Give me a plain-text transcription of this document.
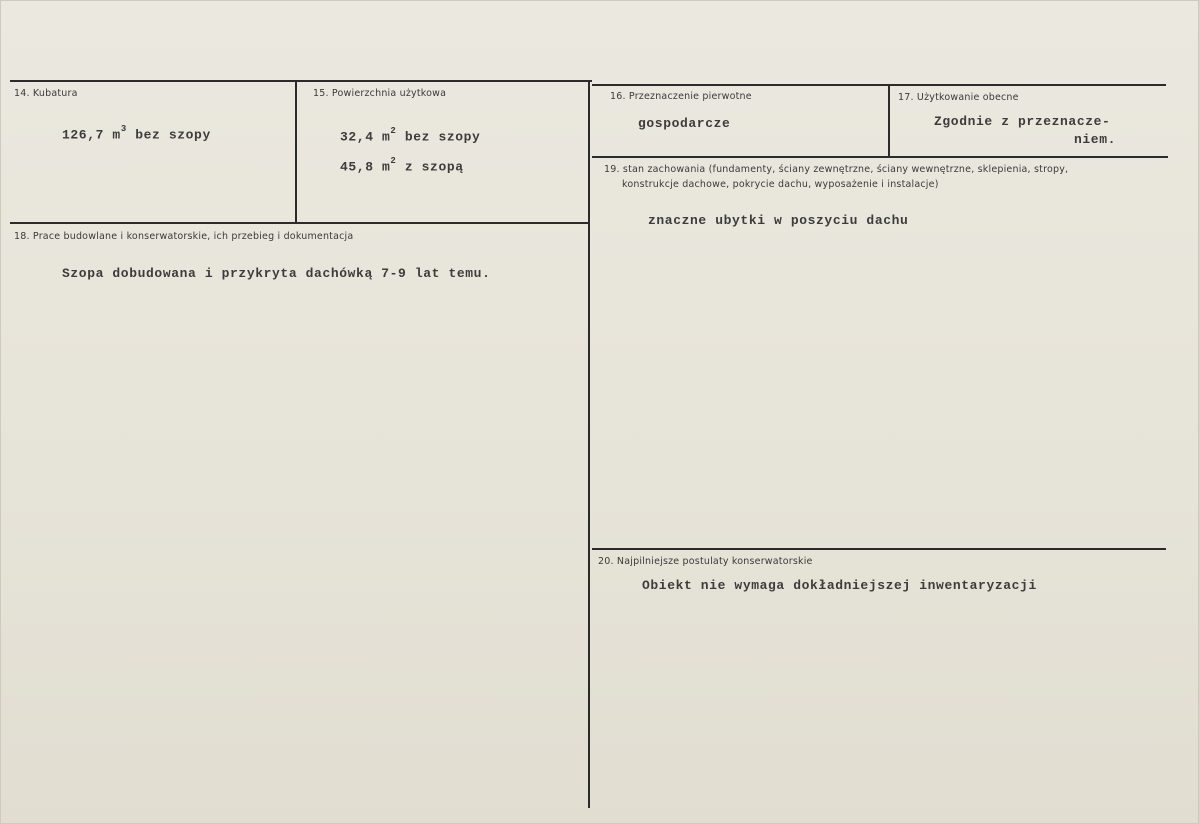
14. Kubatura
126,7 $m^3$ bez szopy
15. Powierzchnia użytkowa
32,4 $m^2$ bez szopy
45,8 $m^2$ z szopą
16. Przeznaczenie pierwotne
gospodarcze
17. Użytkowanie obecne
Zgodnie z przeznacze-
niem.
18. Prace budowlane i konserwatorskie, ich przebieg i dokumentacja
Szopa dobudowana i przykryta dachówką 7-9 lat temu.
19. stan zachowania (fundamenty, ściany zewnętrzne, ściany wewnętrzne, sklepienia, stropy,
konstrukcje dachowe, pokrycie dachu, wyposażenie i instalacje)
znaczne ubytki w poszyciu dachu
20. Najpilniejsze postulaty konserwatorskie
Obiekt nie wymaga dokładniejszej inwentaryzacji
